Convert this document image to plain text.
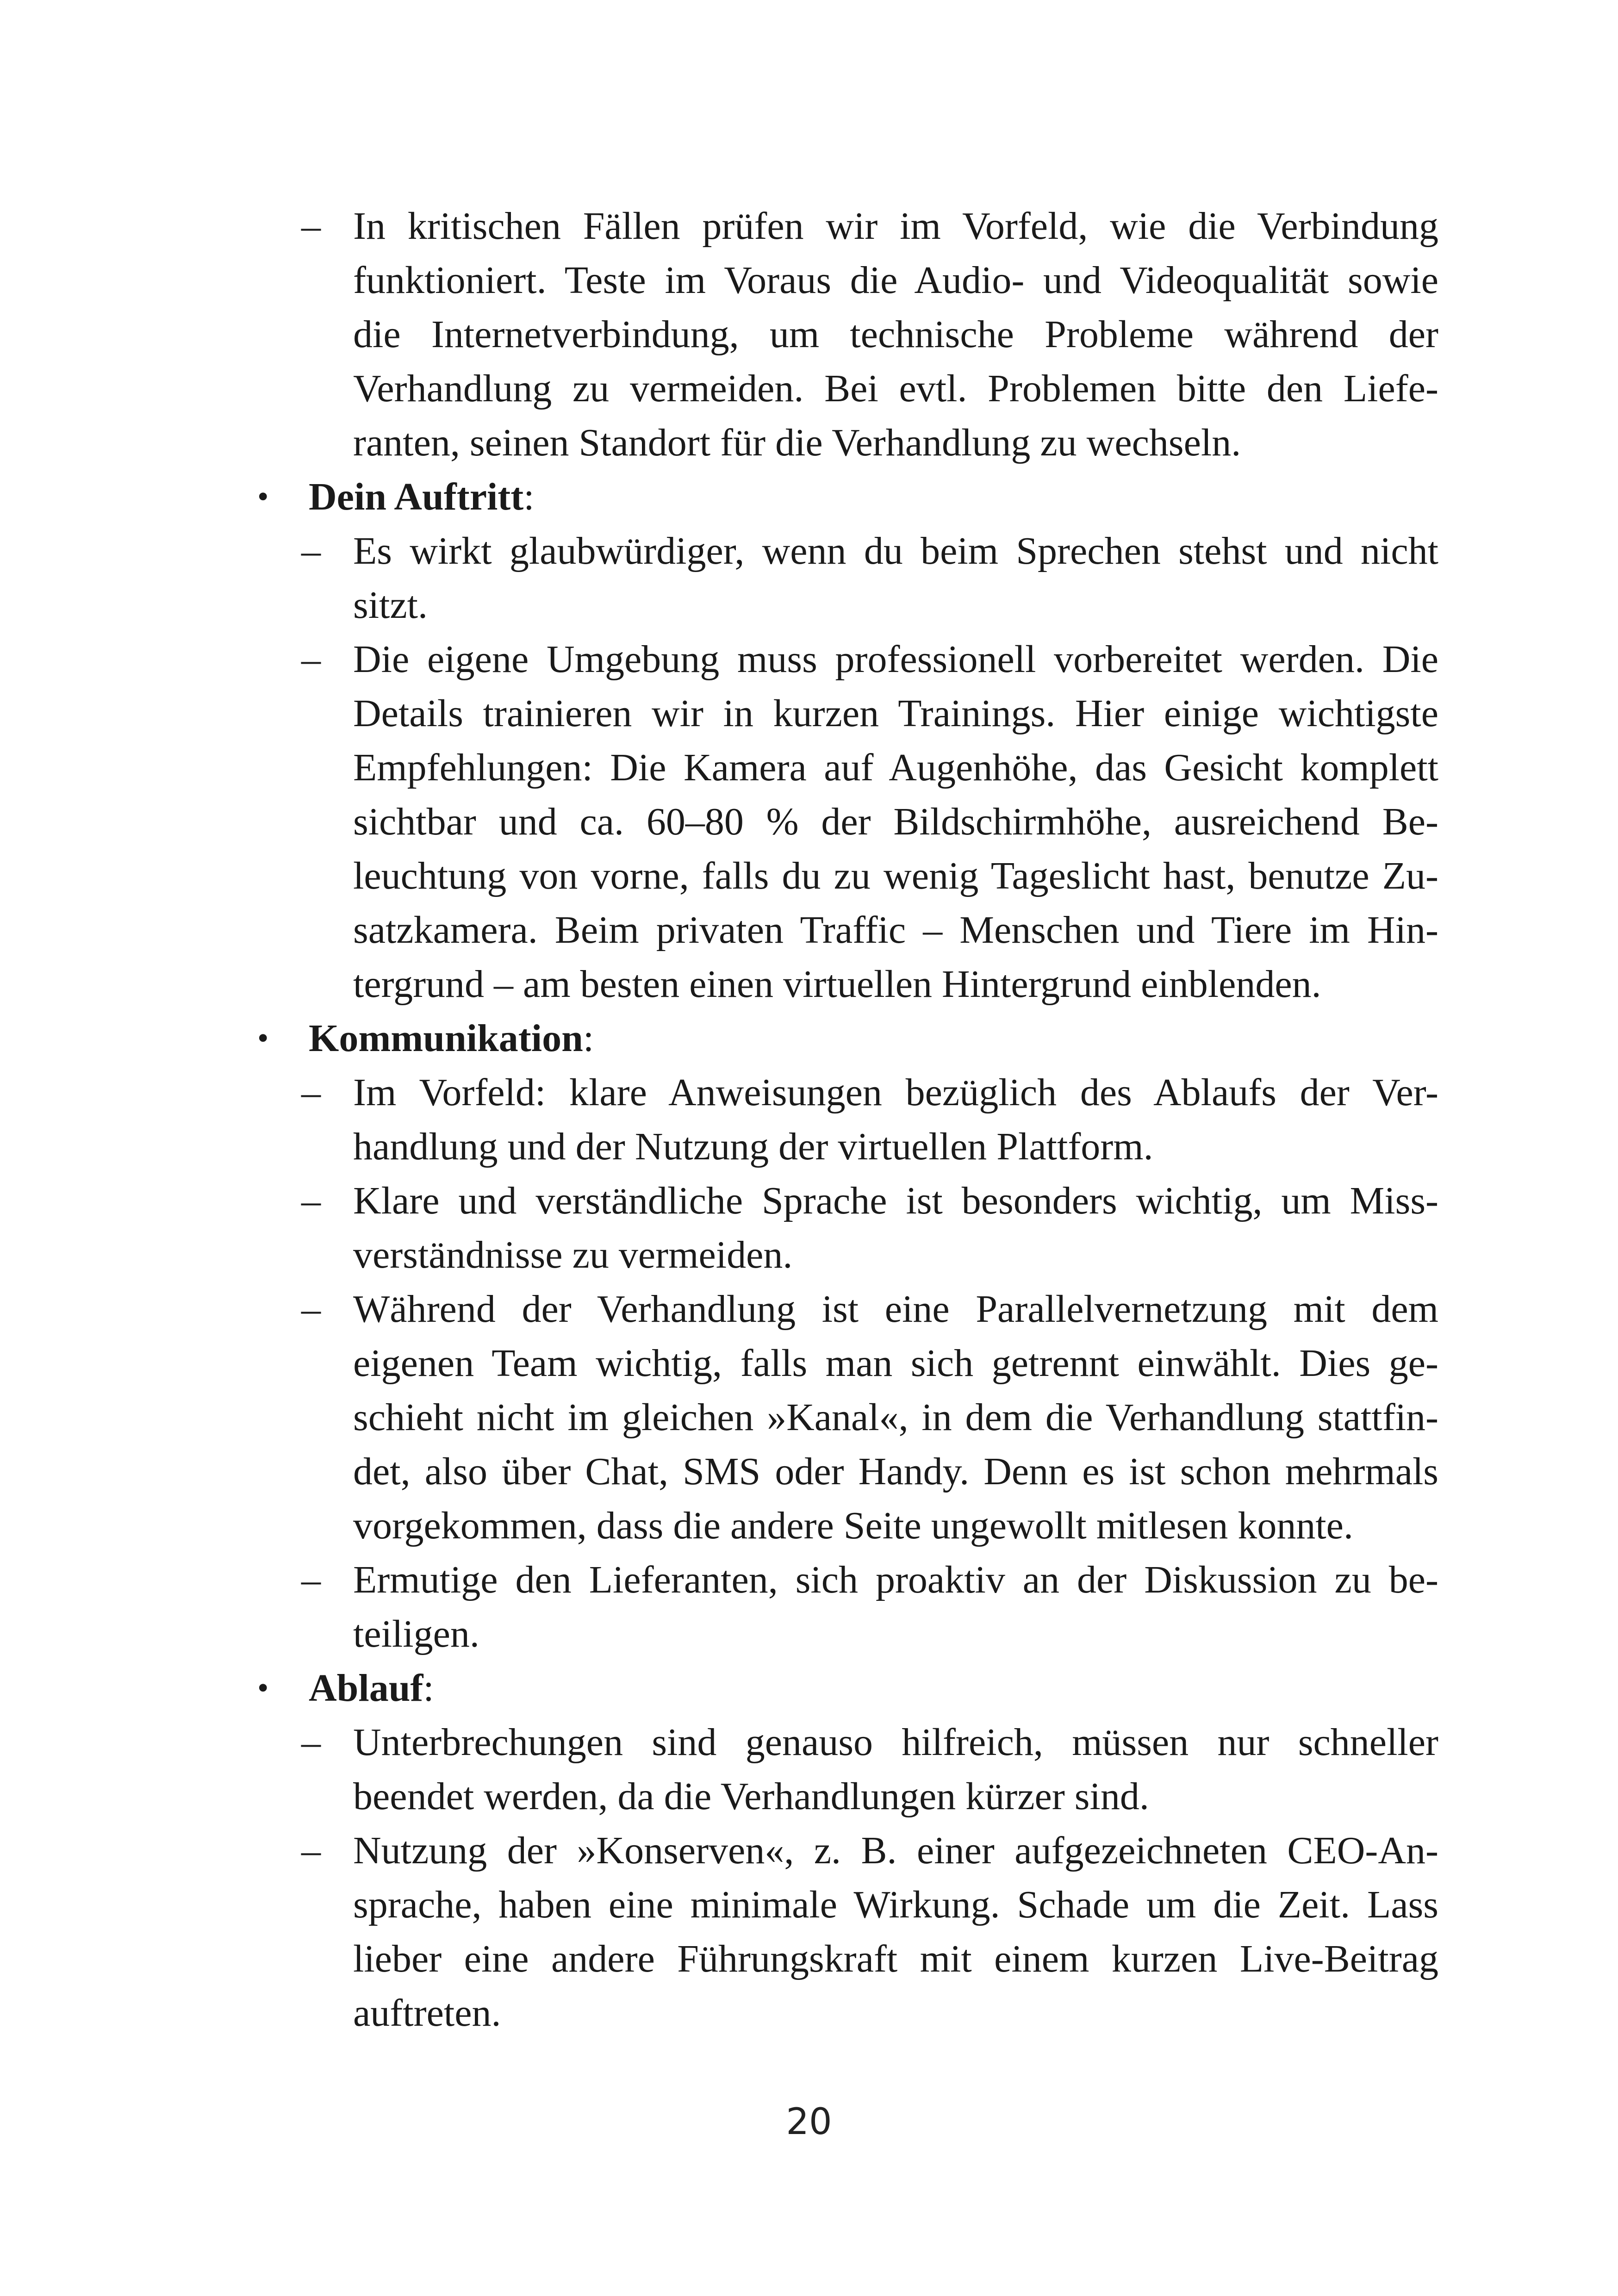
– In kritischen Fällen prüfen wir im Vorfeld, wie die Verbindung
funktioniert. Teste im Voraus die Audio- und Videoqualität sowie
die Internetverbindung, um technische Probleme während der
Verhandlung zu vermeiden. Bei evtl. Problemen bitte den Liefe-
ranten, seinen Standort für die Verhandlung zu wechseln.
• Dein Auftritt:
– Es wirkt glaubwürdiger, wenn du beim Sprechen stehst und nicht
sitzt.
– Die eigene Umgebung muss professionell vorbereitet werden. Die
Details trainieren wir in kurzen Trainings. Hier einige wichtigste
Empfehlungen: Die Kamera auf Augenhöhe, das Gesicht komplett
sichtbar und ca. 60–80 % der Bildschirmhöhe, ausreichend Be-
leuchtung von vorne, falls du zu wenig Tageslicht hast, benutze Zu-
satzkamera. Beim privaten Traffic – Menschen und Tiere im Hin-
tergrund – am besten einen virtuellen Hintergrund einblenden.
• Kommunikation:
– Im Vorfeld: klare Anweisungen bezüglich des Ablaufs der Ver-
handlung und der Nutzung der virtuellen Plattform.
– Klare und verständliche Sprache ist besonders wichtig, um Miss-
verständnisse zu vermeiden.
– Während der Verhandlung ist eine Parallelvernetzung mit dem
eigenen Team wichtig, falls man sich getrennt einwählt. Dies ge-
schieht nicht im gleichen »Kanal«, in dem die Verhandlung stattfin-
det, also über Chat, SMS oder Handy. Denn es ist schon mehrmals
vorgekommen, dass die andere Seite ungewollt mitlesen konnte.
– Ermutige den Lieferanten, sich proaktiv an der Diskussion zu be-
teiligen.
• Ablauf:
– Unterbrechungen sind genauso hilfreich, müssen nur schneller
beendet werden, da die Verhandlungen kürzer sind.
– Nutzung der »Konserven«, z. B. einer aufgezeichneten CEO-An-
sprache, haben eine minimale Wirkung. Schade um die Zeit. Lass
lieber eine andere Führungskraft mit einem kurzen Live-Beitrag
auftreten.
20
